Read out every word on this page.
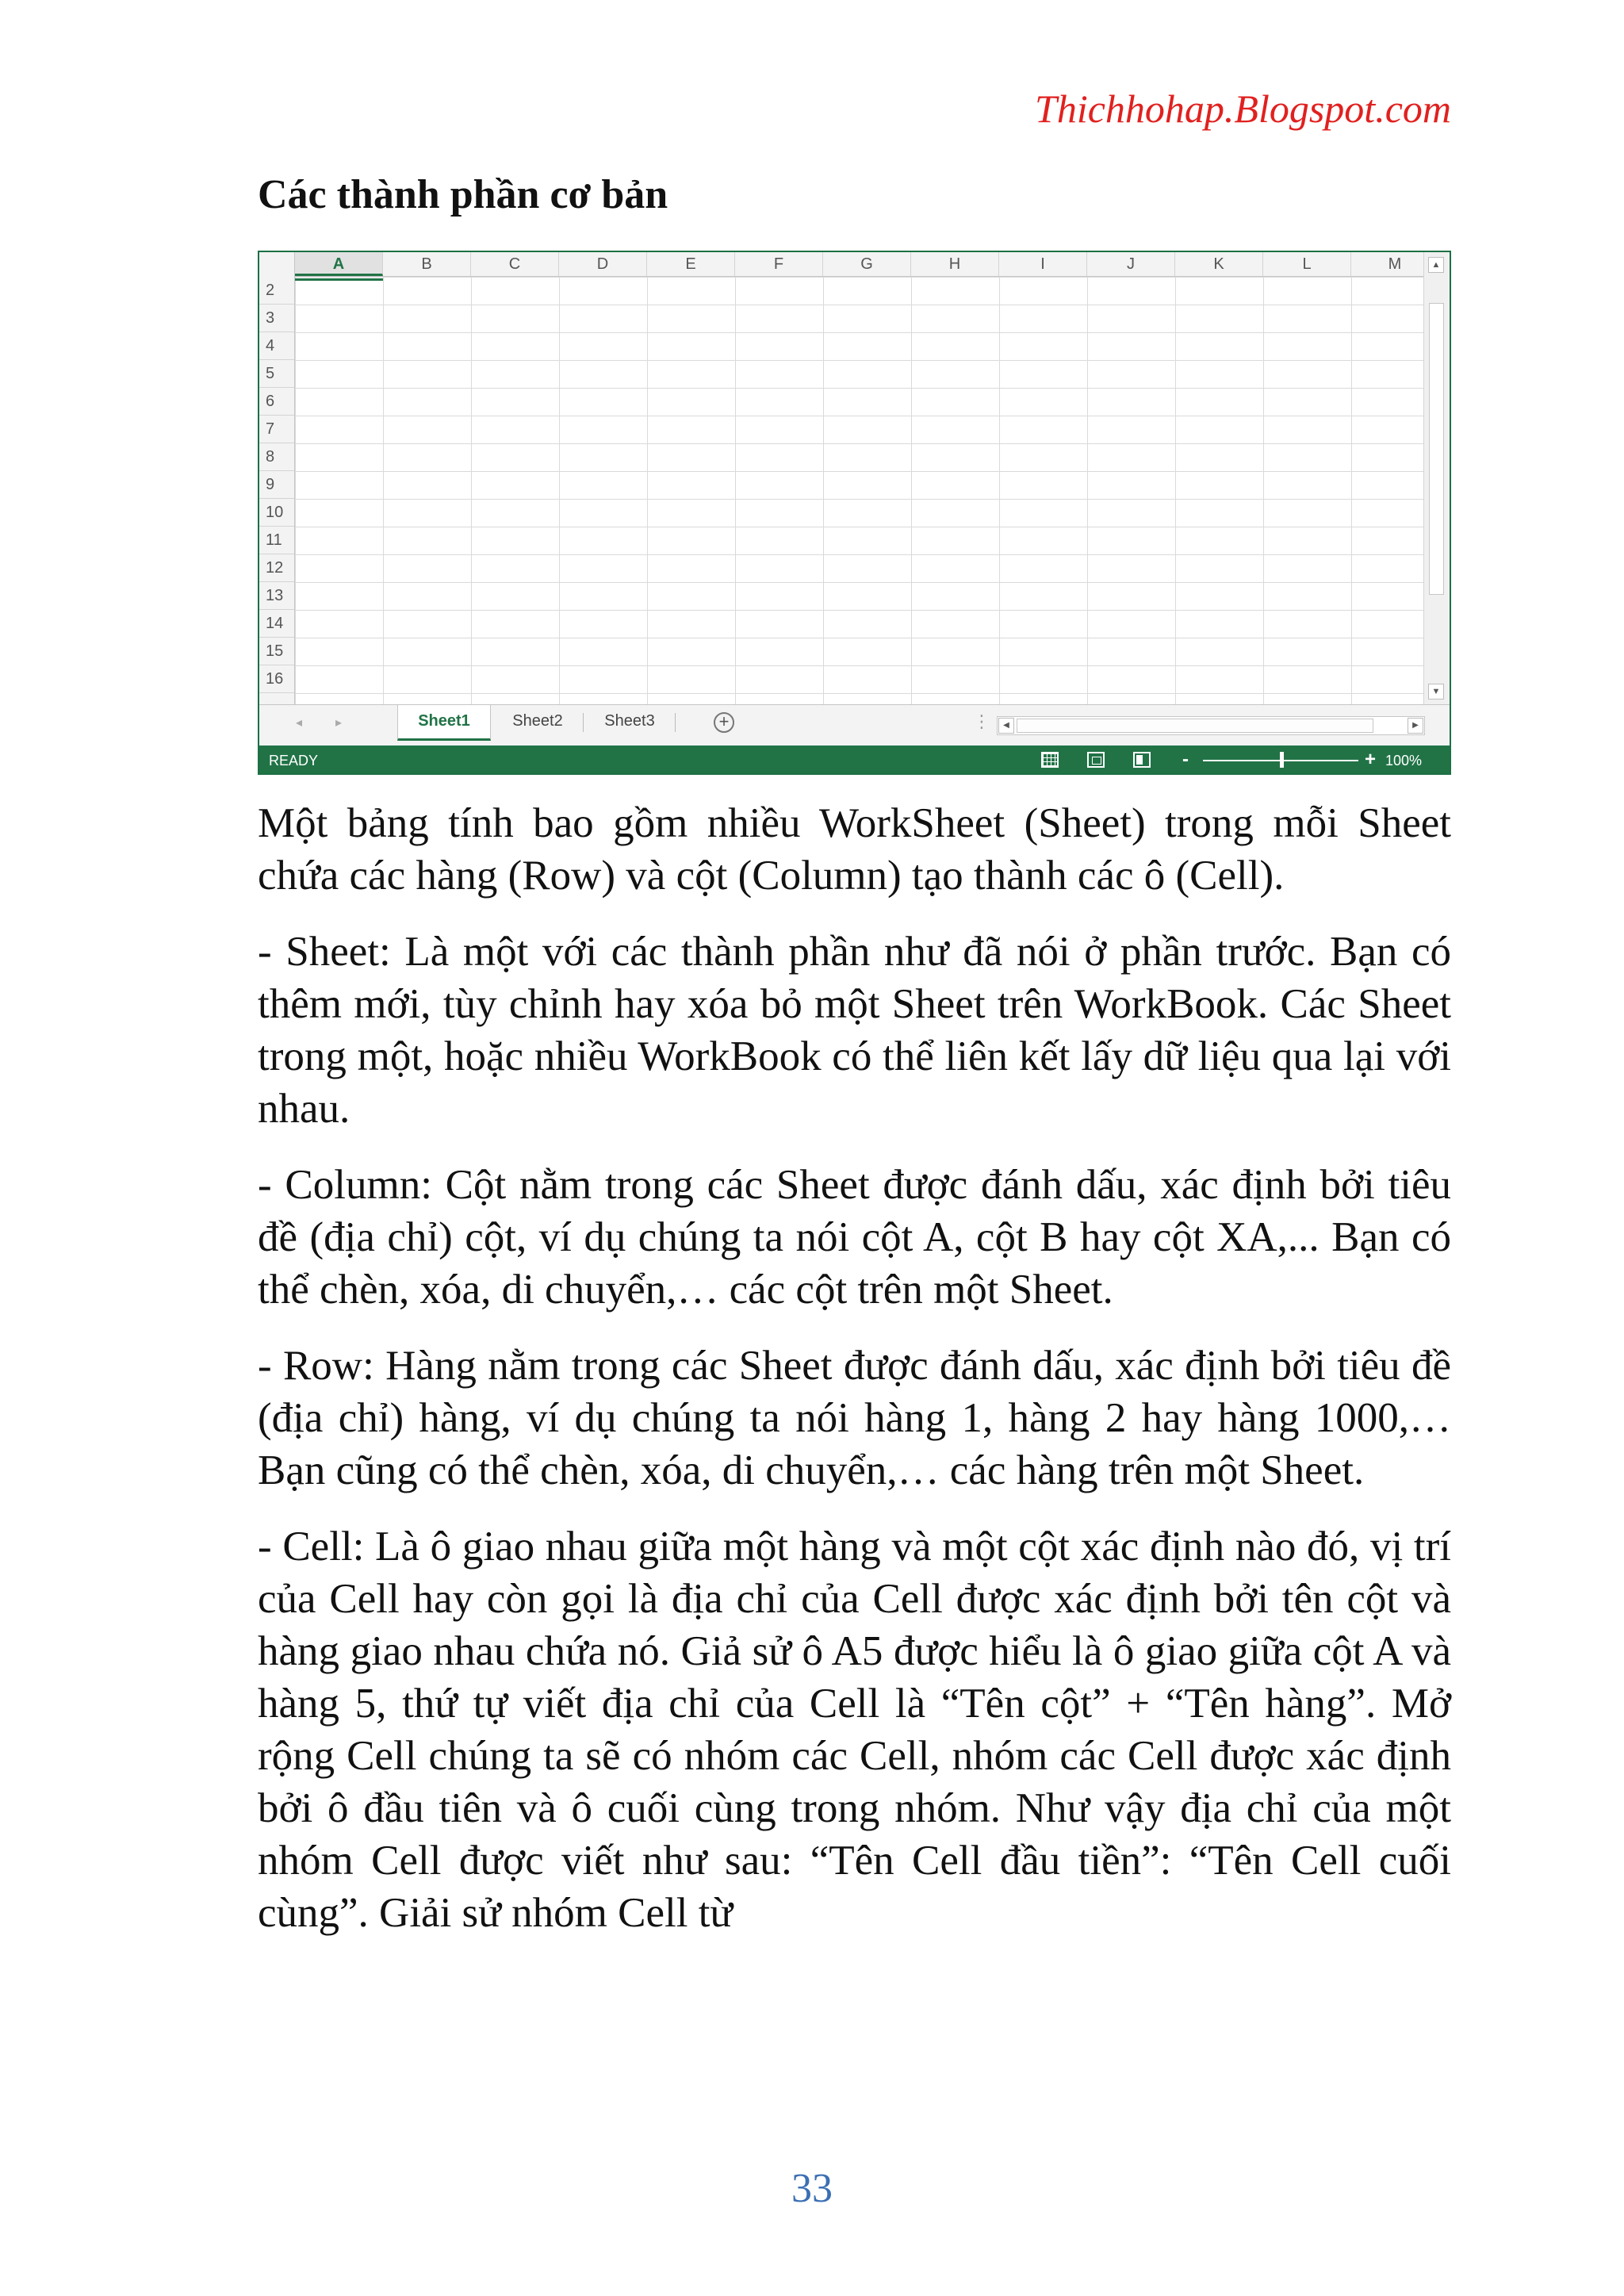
Thichhohap.Blogspot.com
Các thành phần cơ bản
A	B	C	D	E	F	G	H	I	J	K	L	M
2
3
4
5
6
7
8
9
10
11
12
13
14
15
16
▲
▼
◂	▸	Sheet1	Sheet2	Sheet3	+	⋮	◀	▶
READY	-	+ 100%

Một bảng tính bao gồm nhiều WorkSheet (Sheet) trong mỗi Sheet chứa các hàng (Row) và cột (Column) tạo thành các ô (Cell).

- Sheet: Là một với các thành phần như đã nói ở phần trước. Bạn có thêm mới, tùy chỉnh hay xóa bỏ một Sheet trên WorkBook. Các Sheet trong một, hoặc nhiều WorkBook có thể liên kết lấy dữ liệu qua lại với nhau.

- Column: Cột nằm trong các Sheet được đánh dấu, xác định bởi tiêu đề (địa chỉ) cột, ví dụ chúng ta nói cột A, cột B hay cột XA,... Bạn có thể chèn, xóa, di chuyển,… các cột trên một Sheet.

- Row: Hàng nằm trong các Sheet được đánh dấu, xác định bởi tiêu đề (địa chỉ) hàng, ví dụ chúng ta nói hàng 1, hàng 2 hay hàng 1000,… Bạn cũng có thể chèn, xóa, di chuyển,… các hàng trên một Sheet.

- Cell: Là ô giao nhau giữa một hàng và một cột xác định nào đó, vị trí của Cell hay còn gọi là địa chỉ của Cell được xác định bởi tên cột và hàng giao nhau chứa nó. Giả sử ô A5 được hiểu là ô giao giữa cột A và hàng 5, thứ tự viết địa chỉ của Cell là “Tên cột” + “Tên hàng”. Mở rộng Cell chúng ta sẽ có nhóm các Cell, nhóm các Cell được xác định bởi ô đầu tiên và ô cuối cùng trong nhóm. Như vậy địa chỉ của một nhóm Cell được viết như sau: “Tên Cell đầu tiền”: “Tên Cell cuối cùng”. Giải sử nhóm Cell từ

33
